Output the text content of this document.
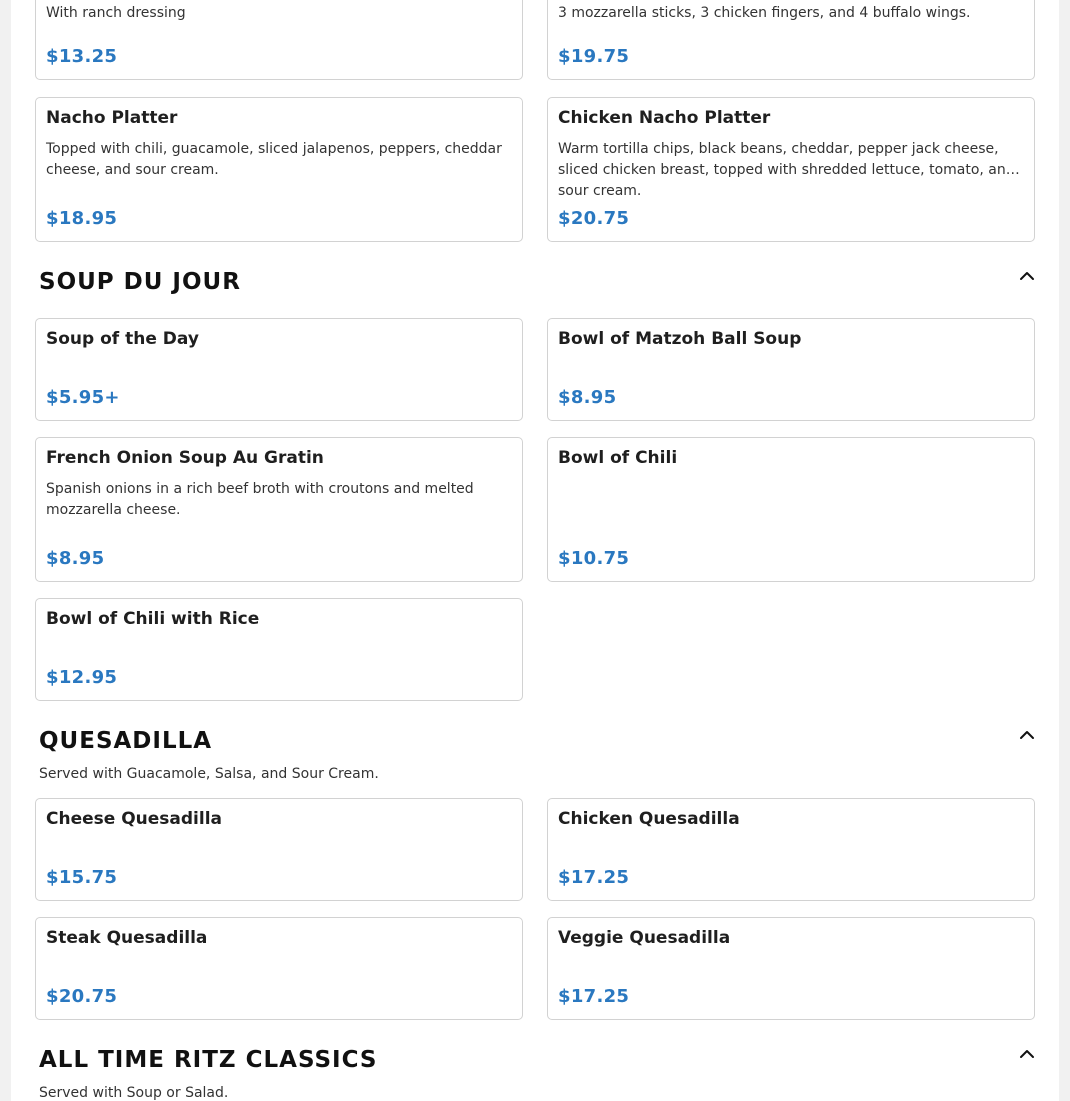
With ranch dressing

$13.25

3 mozzarella sticks, 3 chicken fingers, and 4 buffalo wings.

$19.75
Nacho Platter

Topped with chili, guacamole, sliced jalapenos, peppers, cheddar cheese, and sour cream.

$18.95
Chicken Nacho Platter

Warm tortilla chips, black beans, cheddar, pepper jack cheese, sliced chicken breast, topped with shredded lettuce, tomato, and sour cream.

$20.75
SOUP DU JOUR
Soup of the Day
$5.95+
Bowl of Matzoh Ball Soup
$8.95
French Onion Soup Au Gratin

Spanish onions in a rich beef broth with croutons and melted mozzarella cheese.

$8.95
Bowl of Chili
$10.75
Bowl of Chili with Rice
$12.95
QUESADILLA

Served with Guacamole, Salsa, and Sour Cream.

Cheese Quesadilla
$15.75
Chicken Quesadilla
$17.25
Steak Quesadilla
$20.75
Veggie Quesadilla
$17.25
ALL TIME RITZ CLASSICS

Served with Soup or Salad.
